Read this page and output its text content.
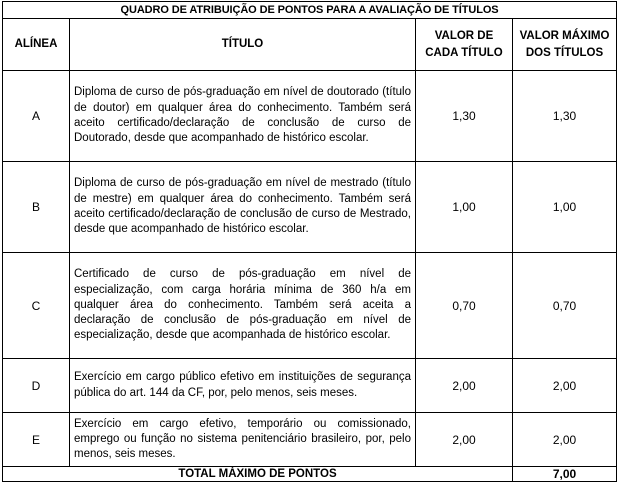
QUADRO DE ATRIBUIÇÃO DE PONTOS PARA A AVALIAÇÃO DE TÍTULOS			
ALÍNEA	TÍTULO	VALOR DE CADA TÍTULO	VALOR MÁXIMO DOS TÍTULOS
A	Diploma de curso de pós-graduação em nível de doutorado (título de doutor) em qualquer área do conhecimento. Também será aceito certificado/declaração de conclusão de curso de Doutorado, desde que acompanhado de histórico escolar.	1,30	1,30
B	Diploma de curso de pós-graduação em nível de mestrado (título de mestre) em qualquer área do conhecimento. Também será aceito certificado/declaração de conclusão de curso de Mestrado, desde que acompanhado de histórico escolar.	1,00	1,00
C	Certificado de curso de pós-graduação em nível de especialização, com carga horária mínima de 360 h/a em qualquer área do conhecimento. Também será aceita a declaração de conclusão de pós-graduação em nível de especialização, desde que acompanhada de histórico escolar.	0,70	0,70
D	Exercício em cargo público efetivo em instituições de segurança pública do art. 144 da CF, por, pelo menos, seis meses.	2,00	2,00
E	Exercício em cargo efetivo, temporário ou comissionado, emprego ou função no sistema penitenciário brasileiro, por, pelo menos, seis meses.	2,00	2,00
TOTAL MÁXIMO DE PONTOS			7,00
